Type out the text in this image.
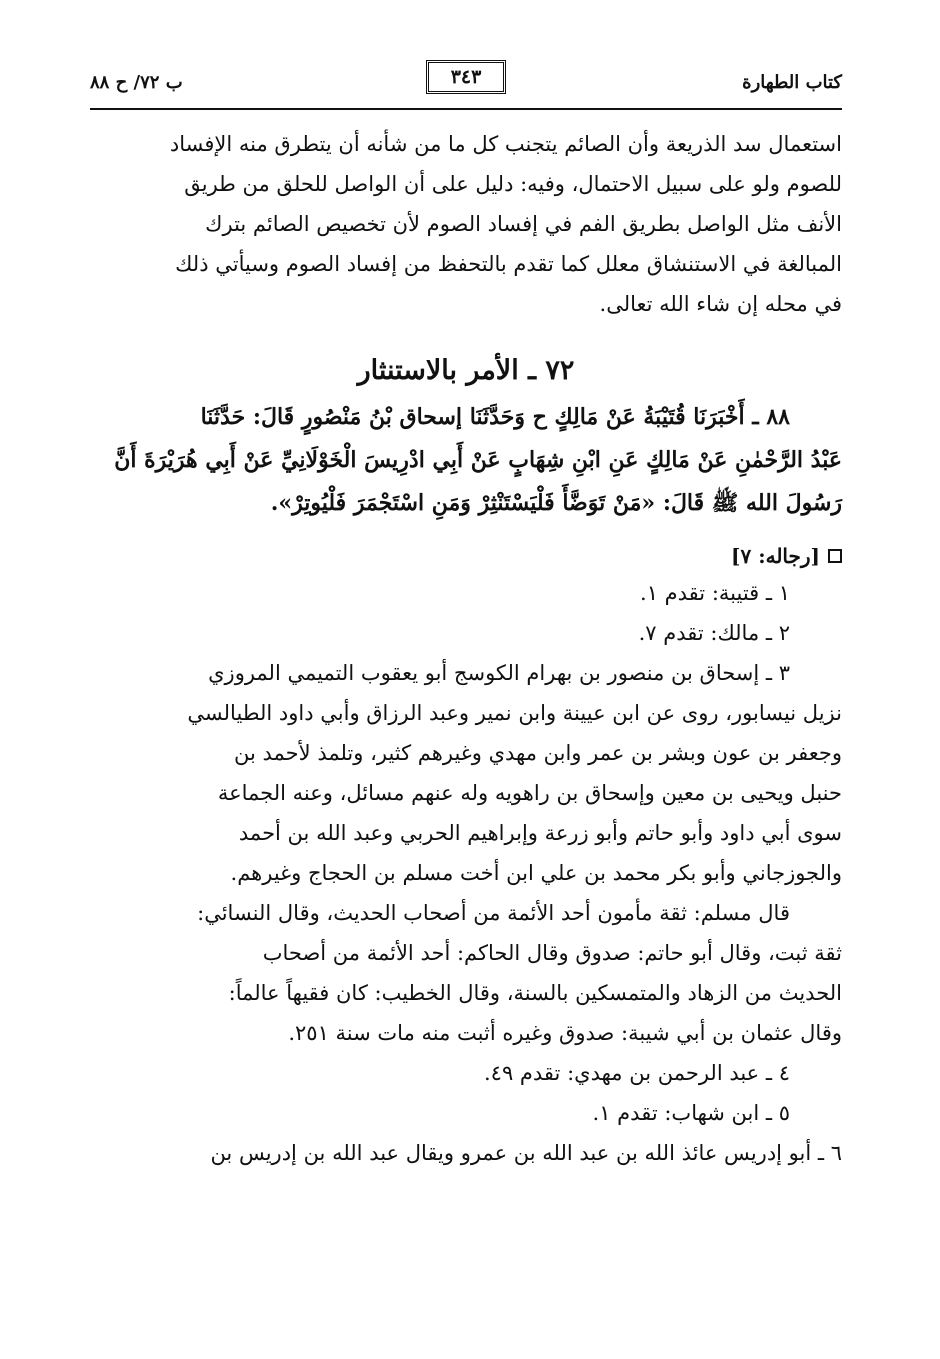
كتاب الطهارة
٣٤٣
ب ٧٢/ ح ٨٨

استعمال سد الذريعة وأن الصائم يتجنب كل ما من شأنه أن يتطرق منه الإفساد

للصوم ولو على سبيل الاحتمال، وفيه: دليل على أن الواصل للحلق من طريق

الأنف مثل الواصل بطريق الفم في إفساد الصوم لأن تخصيص الصائم بترك

المبالغة في الاستنشاق معلل كما تقدم بالتحفظ من إفساد الصوم وسيأتي ذلك

في محله إن شاء الله تعالى.

٧٢ ـ الأمر بالاستنثار

٨٨ ـ أَخْبَرَنَا قُتَيْبَةُ عَنْ مَالِكٍ ح وَحَدَّثَنَا إسحاق بْنُ مَنْصُورٍ قَالَ: حَدَّثَنَا

عَبْدُ الرَّحْمٰنِ عَنْ مَالِكٍ عَنِ ابْنِ شِهَابٍ عَنْ أَبِي ادْرِيسَ الْخَوْلَانِيِّ عَنْ أَبِي هُرَيْرَةَ أَنَّ

رَسُولَ الله ﷺ قَالَ: «مَنْ تَوَضَّأَ فَلْيَسْتَنْثِرْ وَمَنِ اسْتَجْمَرَ فَلْيُوتِرْ».

[رجاله: ٧]

١ ـ قتيبة: تقدم ١.

٢ ـ مالك: تقدم ٧.

٣ ـ إسحاق بن منصور بن بهرام الكوسج أبو يعقوب التميمي المروزي

نزيل نيسابور، روى عن ابن عيينة وابن نمير وعبد الرزاق وأبي داود الطيالسي

وجعفر بن عون وبشر بن عمر وابن مهدي وغيرهم كثير، وتلمذ لأحمد بن

حنبل ويحيى بن معين وإسحاق بن راهويه وله عنهم مسائل، وعنه الجماعة

سوى أبي داود وأبو حاتم وأبو زرعة وإبراهيم الحربي وعبد الله بن أحمد

والجوزجاني وأبو بكر محمد بن علي ابن أخت مسلم بن الحجاج وغيرهم.

قال مسلم: ثقة مأمون أحد الأئمة من أصحاب الحديث، وقال النسائي:

ثقة ثبت، وقال أبو حاتم: صدوق وقال الحاكم: أحد الأئمة من أصحاب

الحديث من الزهاد والمتمسكين بالسنة، وقال الخطيب: كان فقيهاً عالماً:

وقال عثمان بن أبي شيبة: صدوق وغيره أثبت منه مات سنة ٢٥١.

٤ ـ عبد الرحمن بن مهدي: تقدم ٤٩.

٥ ـ ابن شهاب: تقدم ١.

٦ ـ أبو إدريس عائذ الله بن عبد الله بن عمرو ويقال عبد الله بن إدريس بن
